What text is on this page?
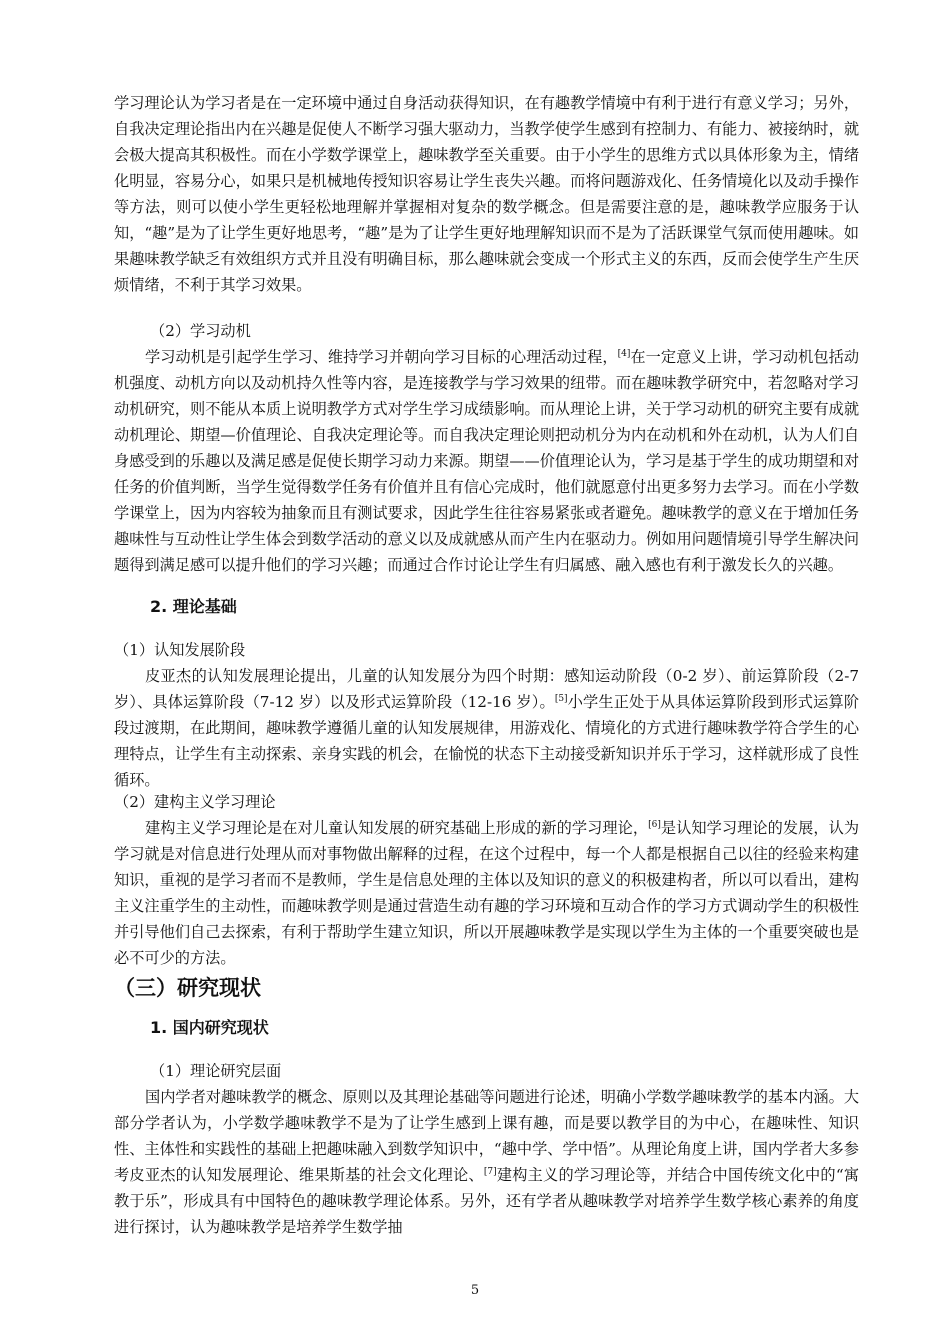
学习理论认为学习者是在一定环境中通过自身活动获得知识，在有趣教学情境中有利于进行有意义学习；另外，自我决定理论指出内在兴趣是促使人不断学习强大驱动力，当教学使学生感到有控制力、有能力、被接纳时，就会极大提高其积极性。而在小学数学课堂上，趣味教学至关重要。由于小学生的思维方式以具体形象为主，情绪化明显，容易分心，如果只是机械地传授知识容易让学生丧失兴趣。而将问题游戏化、任务情境化以及动手操作等方法，则可以使小学生更轻松地理解并掌握相对复杂的数学概念。但是需要注意的是，趣味教学应服务于认知，“趣”是为了让学生更好地思考，“趣”是为了让学生更好地理解知识而不是为了活跃课堂气氛而使用趣味。如果趣味教学缺乏有效组织方式并且没有明确目标，那么趣味就会变成一个形式主义的东西，反而会使学生产生厌烦情绪，不利于其学习效果。

（2）学习动机

学习动机是引起学生学习、维持学习并朝向学习目标的心理活动过程，[4]在一定意义上讲，学习动机包括动机强度、动机方向以及动机持久性等内容，是连接教学与学习效果的纽带。而在趣味教学研究中，若忽略对学习动机研究，则不能从本质上说明教学方式对学生学习成绩影响。而从理论上讲，关于学习动机的研究主要有成就动机理论、期望—价值理论、自我决定理论等。而自我决定理论则把动机分为内在动机和外在动机，认为人们自身感受到的乐趣以及满足感是促使长期学习动力来源。期望——价值理论认为，学习是基于学生的成功期望和对任务的价值判断，当学生觉得数学任务有价值并且有信心完成时，他们就愿意付出更多努力去学习。而在小学数学课堂上，因为内容较为抽象而且有测试要求，因此学生往往容易紧张或者避免。趣味教学的意义在于增加任务趣味性与互动性让学生体会到数学活动的意义以及成就感从而产生内在驱动力。例如用问题情境引导学生解决问题得到满足感可以提升他们的学习兴趣；而通过合作讨论让学生有归属感、融入感也有利于激发长久的兴趣。

2. 理论基础

（1）认知发展阶段

皮亚杰的认知发展理论提出，儿童的认知发展分为四个时期：感知运动阶段（0-2 岁）、前运算阶段（2-7 岁）、具体运算阶段（7-12 岁）以及形式运算阶段（12-16 岁）。[5]小学生正处于从具体运算阶段到形式运算阶段过渡期，在此期间，趣味教学遵循儿童的认知发展规律，用游戏化、情境化的方式进行趣味教学符合学生的心理特点，让学生有主动探索、亲身实践的机会，在愉悦的状态下主动接受新知识并乐于学习，这样就形成了良性循环。

（2）建构主义学习理论

建构主义学习理论是在对儿童认知发展的研究基础上形成的新的学习理论，[6]是认知学习理论的发展，认为学习就是对信息进行处理从而对事物做出解释的过程，在这个过程中，每一个人都是根据自己以往的经验来构建知识，重视的是学习者而不是教师，学生是信息处理的主体以及知识的意义的积极建构者，所以可以看出，建构主义注重学生的主动性，而趣味教学则是通过营造生动有趣的学习环境和互动合作的学习方式调动学生的积极性并引导他们自己去探索，有利于帮助学生建立知识，所以开展趣味教学是实现以学生为主体的一个重要突破也是必不可少的方法。

（三）研究现状

1. 国内研究现状

（1）理论研究层面

国内学者对趣味教学的概念、原则以及其理论基础等问题进行论述，明确小学数学趣味教学的基本内涵。大部分学者认为，小学数学趣味教学不是为了让学生感到上课有趣，而是要以教学目的为中心，在趣味性、知识性、主体性和实践性的基础上把趣味融入到数学知识中，“趣中学、学中悟”。从理论角度上讲，国内学者大多参考皮亚杰的认知发展理论、维果斯基的社会文化理论、[7]建构主义的学习理论等，并结合中国传统文化中的“寓教于乐”，形成具有中国特色的趣味教学理论体系。另外，还有学者从趣味教学对培养学生数学核心素养的角度进行探讨，认为趣味教学是培养学生数学抽

5
